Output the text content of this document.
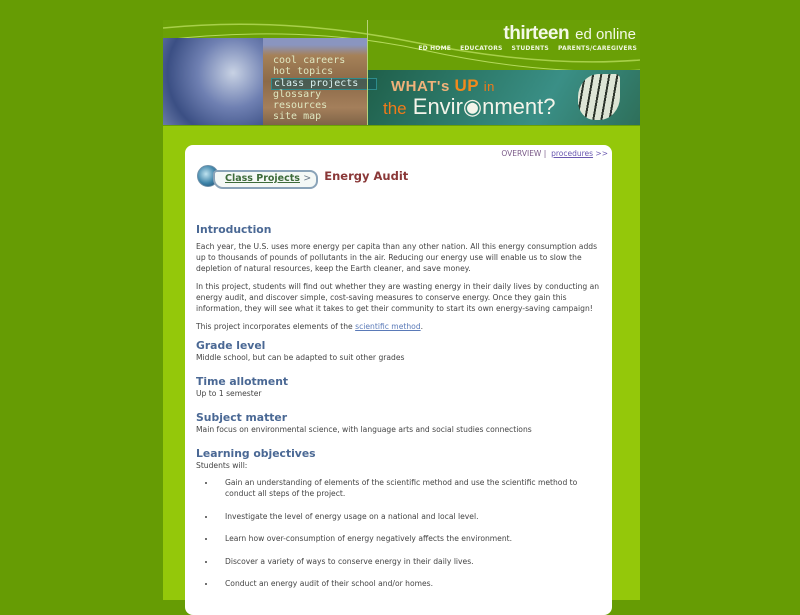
cool careers
hot topics
class projects
glossary
resources
site map
WHAT's UP in
the Envir◉nment?
thirteen ed online
ED HOME EDUCATORS STUDENTS PARENTS/CAREGIVERS
OVERVIEW | procedures >>
Class Projects >	Energy Audit
Introduction

Each year, the U.S. uses more energy per capita than any other nation. All this energy consumption adds up to thousands of pounds of pollutants in the air. Reducing our energy use will enable us to slow the depletion of natural resources, keep the Earth cleaner, and save money.

In this project, students will find out whether they are wasting energy in their daily lives by conducting an energy audit, and discover simple, cost-saving measures to conserve energy. Once they gain this information, they will see what it takes to get their community to start its own energy-saving campaign!

This project incorporates elements of the scientific method.

Grade level

Middle school, but can be adapted to suit other grades

Time allotment

Up to 1 semester

Subject matter

Main focus on environmental science, with language arts and social studies connections

Learning objectives
Students will:
• Gain an understanding of elements of the scientific method and use the scientific method to conduct all steps of the project.
• Investigate the level of energy usage on a national and local level.
• Learn how over-consumption of energy negatively affects the environment.
• Discover a variety of ways to conserve energy in their daily lives.
• Conduct an energy audit of their school and/or homes.
